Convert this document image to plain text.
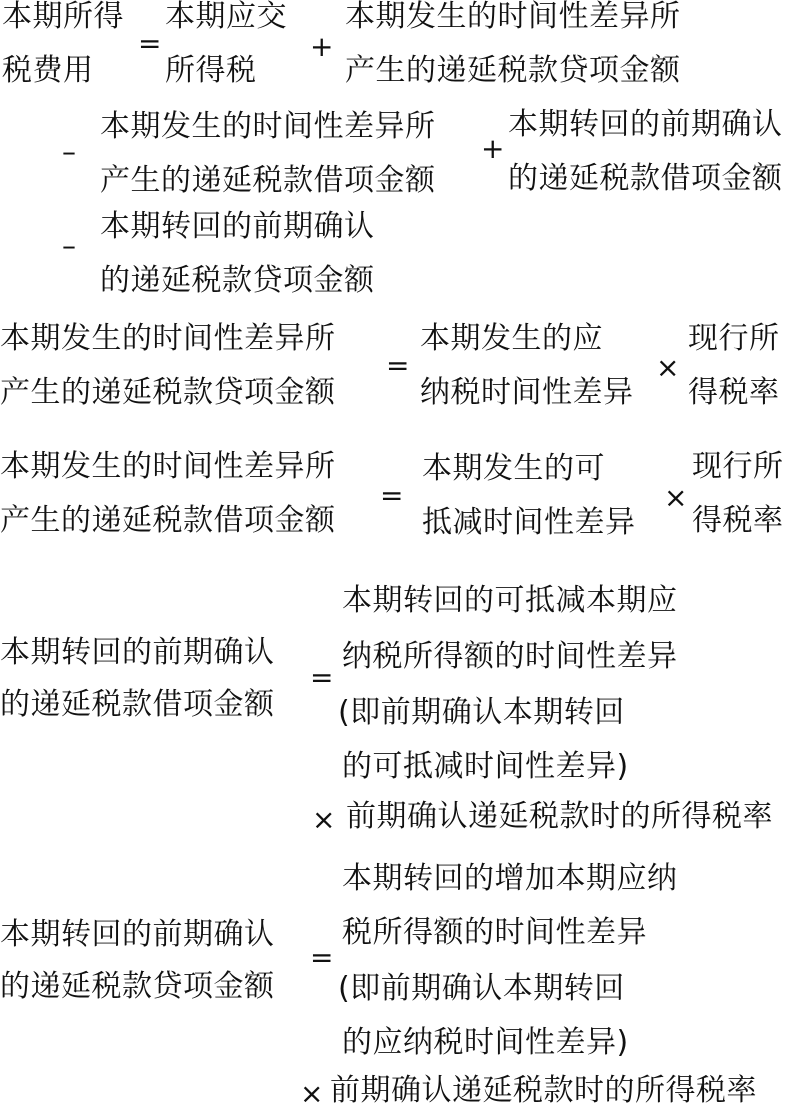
本期所得
税费用
=
本期应交
所得税
+
本期发生的时间性差异所
产生的递延税款贷项金额
–
本期发生的时间性差异所
产生的递延税款借项金额
+
本期转回的前期确认
的递延税款借项金额
–
本期转回的前期确认
的递延税款贷项金额
本期发生的时间性差异所
产生的递延税款贷项金额
=
本期发生的应
纳税时间性差异
×
现行所
得税率
本期发生的时间性差异所
产生的递延税款借项金额
=
本期发生的可
抵减时间性差异
×
现行所
得税率
本期转回的前期确认
的递延税款借项金额
=
本期转回的可抵减本期应
纳税所得额的时间性差异
(即前期确认本期转回
的可抵减时间性差异)
× 前期确认递延税款时的所得税率
本期转回的增加本期应纳
本期转回的前期确认 税所得额的时间性差异
=
的递延税款贷项金额 (即前期确认本期转回
的应纳税时间性差异)
× 前期确认递延税款时的所得税率
